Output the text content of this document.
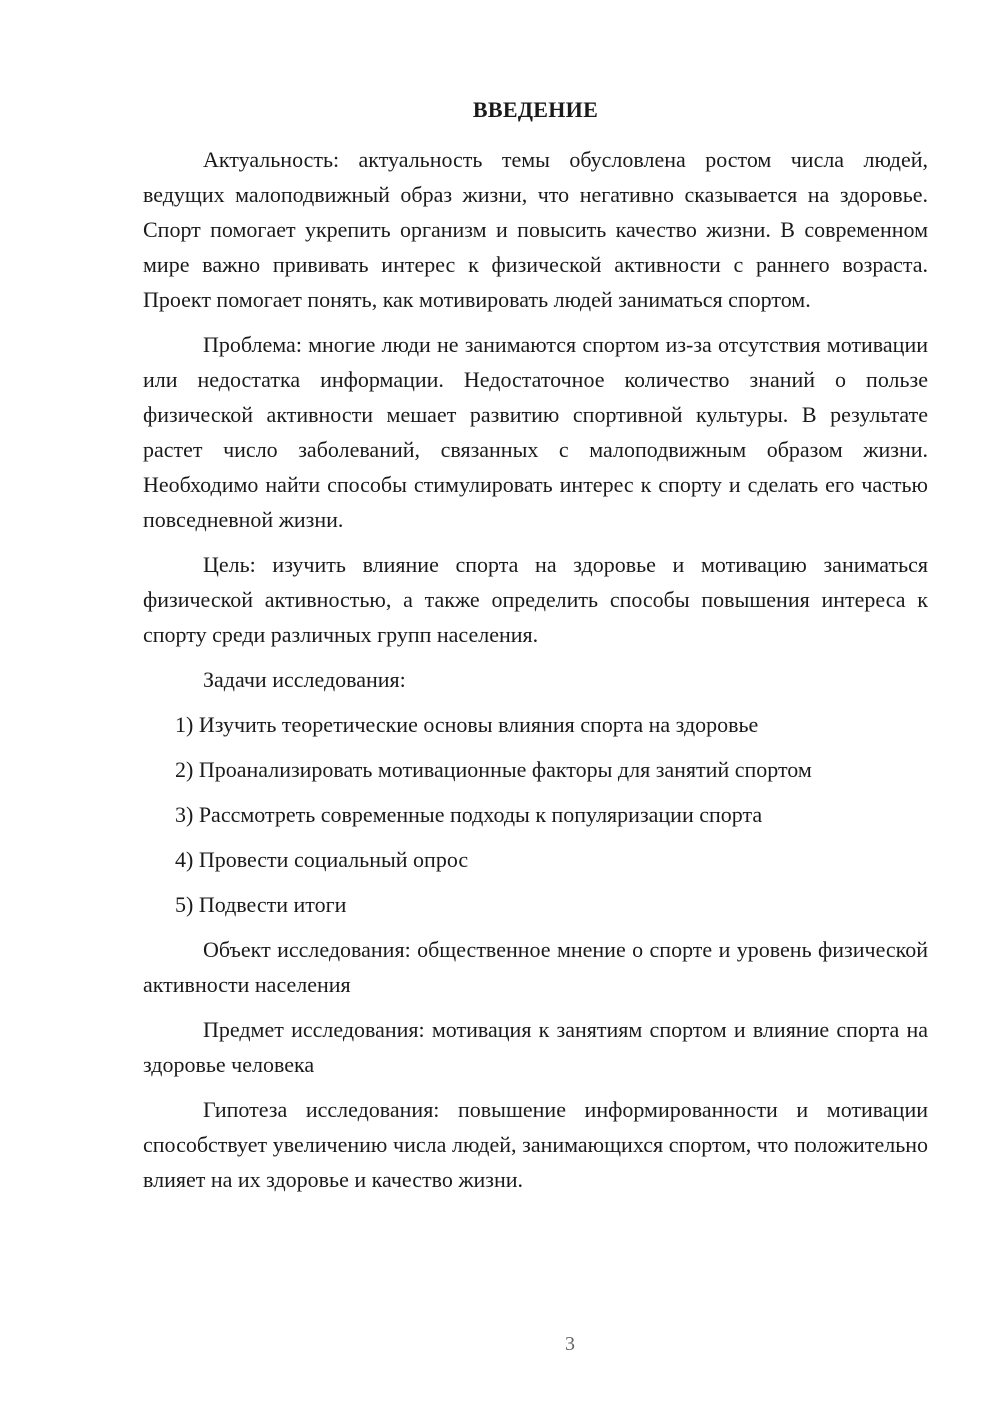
ВВЕДЕНИЕ

Актуальность: актуальность темы обусловлена ростом числа людей, ведущих малоподвижный образ жизни, что негативно сказывается на здоровье. Спорт помогает укрепить организм и повысить качество жизни. В современном мире важно прививать интерес к физической активности с раннего возраста. Проект помогает понять, как мотивировать людей заниматься спортом.

Проблема: многие люди не занимаются спортом из-за отсутствия мотивации или недостатка информации. Недостаточное количество знаний о пользе физической активности мешает развитию спортивной культуры. В результате растет число заболеваний, связанных с малоподвижным образом жизни. Необходимо найти способы стимулировать интерес к спорту и сделать его частью повседневной жизни.

Цель: изучить влияние спорта на здоровье и мотивацию заниматься физической активностью, а также определить способы повышения интереса к спорту среди различных групп населения.

Задачи исследования:
1) Изучить теоретические основы влияния спорта на здоровье
2) Проанализировать мотивационные факторы для занятий спортом
3) Рассмотреть современные подходы к популяризации спорта
4) Провести социальный опрос
5) Подвести итоги

Объект исследования: общественное мнение о спорте и уровень физической активности населения

Предмет исследования: мотивация к занятиям спортом и влияние спорта на здоровье человека

Гипотеза исследования: повышение информированности и мотивации способствует увеличению числа людей, занимающихся спортом, что положительно влияет на их здоровье и качество жизни.

3
